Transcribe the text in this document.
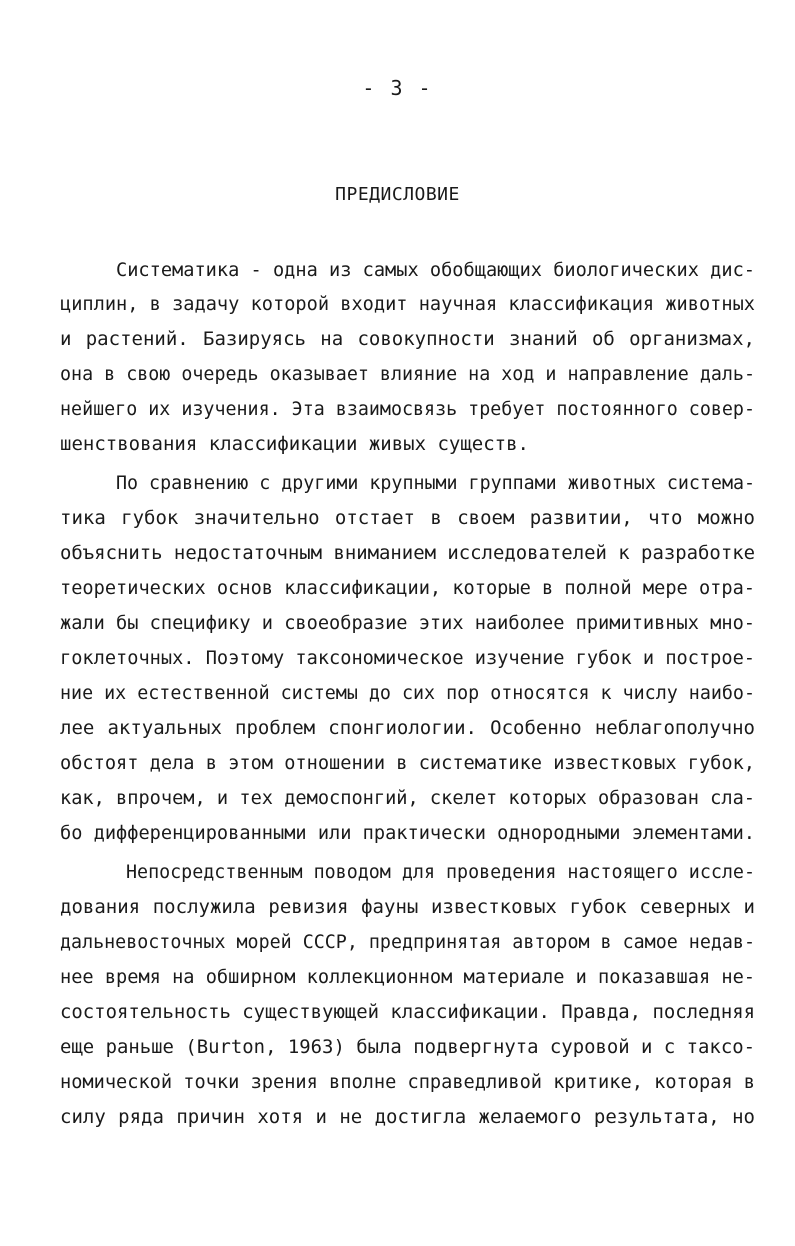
- 3 -
ПРЕДИСЛОВИЕ
Систематика - одна из самых обобщающих биологических дис-
циплин, в задачу которой входит научная классификация животных
и растений. Базируясь на совокупности знаний об организмах,
она в свою очередь оказывает влияние на ход и направление даль-
нейшего их изучения. Эта взаимосвязь требует постоянного совер-
шенствования классификации живых существ.
По сравнению с другими крупными группами животных система-
тика губок значительно отстает в своем развитии, что можно
объяснить недостаточным вниманием исследователей к разработке
теоретических основ классификации, которые в полной мере отра-
жали бы специфику и своеобразие этих наиболее примитивных мно-
гоклеточных. Поэтому таксономическое изучение губок и построе-
ние их естественной системы до сих пор относятся к числу наибо-
лее актуальных проблем спонгиологии. Особенно неблагополучно
обстоят дела в этом отношении в систематике известковых губок,
как, впрочем, и тех демоспонгий, скелет которых образован сла-
бо дифференцированными или практически однородными элементами.
Непосредственным поводом для проведения настоящего иссле-
дования послужила ревизия фауны известковых губок северных и
дальневосточных морей СССР, предпринятая автором в самое недав-
нее время на обширном коллекционном материале и показавшая не-
состоятельность существующей классификации. Правда, последняя
еще раньше (Burton, 1963) была подвергнута суровой и с таксо-
номической точки зрения вполне справедливой критике, которая в
силу ряда причин хотя и не достигла желаемого результата, но
